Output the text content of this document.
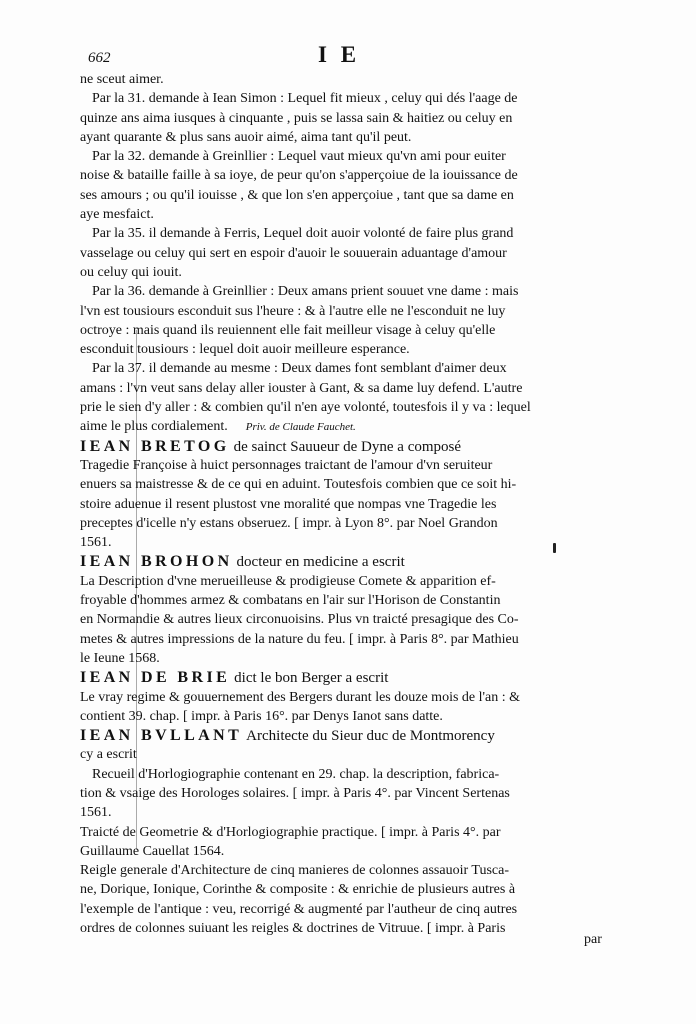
662	I E
ne sceut aimer.
Par la 31. demande à Iean Simon : Lequel fit mieux , celuy qui dés l'aage de
quinze ans aima iusques à cinquante , puis se lassa sain & haitiez ou celuy en
ayant quarante & plus sans auoir aimé, aima tant qu'il peut.
Par la 32. demande à Greinllier : Lequel vaut mieux qu'vn ami pour euiter
noise & bataille faille à sa ioye, de peur qu'on s'apperçoiue de la iouissance de
ses amours ; ou qu'il iouisse , & que lon s'en apperçoiue , tant que sa dame en
aye mesfaict.
Par la 35. il demande à Ferris, Lequel doit auoir volonté de faire plus grand
vasselage ou celuy qui sert en espoir d'auoir le souuerain aduantage d'amour
ou celuy qui iouit.
Par la 36. demande à Greinllier : Deux amans prient souuet vne dame : mais
l'vn est tousiours esconduit sus l'heure : & à l'autre elle ne l'esconduit ne luy
octroye : mais quand ils reuiennent elle fait meilleur visage à celuy qu'elle
esconduit tousiours : lequel doit auoir meilleure esperance.
Par la 37. il demande au mesme : Deux dames font semblant d'aimer deux
amans : l'vn veut sans delay aller iouster à Gant, & sa dame luy defend. L'autre
prie le sien d'y aller : & combien qu'il n'en aye volonté, toutesfois il y va : lequel
aime le plus cordialement. Priv. de Claude Fauchet.
IEAN BRETOG de sainct Sauueur de Dyne a composé
Tragedie Françoise à huict personnages traictant de l'amour d'vn seruiteur
enuers sa maistresse & de ce qui en aduint. Toutesfois combien que ce soit hi-
stoire aduenue il resent plustost vne moralité que nompas vne Tragedie les
preceptes d'icelle n'y estans obseruez. [ impr. à Lyon 8°. par Noel Grandon
1561.
IEAN BROHON docteur en medicine a escrit
La Description d'vne merueilleuse & prodigieuse Comete & apparition ef-
froyable d'hommes armez & combatans en l'air sur l'Horison de Constantin
en Normandie & autres lieux circonuoisins. Plus vn traicté presagique des Co-
metes & autres impressions de la nature du feu. [ impr. à Paris 8°. par Mathieu
le Ieune 1568.
IEAN DE BRIE dict le bon Berger a escrit
Le vray regime & gouuernement des Bergers durant les douze mois de l'an : &
contient 39. chap. [ impr. à Paris 16°. par Denys Ianot sans datte.
IEAN BVLLANT Architecte du Sieur duc de Montmorency
cy a escrit
Recueil d'Horlogiographie contenant en 29. chap. la description, fabrica-
tion & vsaige des Horologes solaires. [ impr. à Paris 4°. par Vincent Sertenas
1561.
Traicté de Geometrie & d'Horlogiographie practique. [ impr. à Paris 4°. par
Guillaume Cauellat 1564.
Reigle generale d'Architecture de cinq manieres de colonnes assauoir Tusca-
ne, Dorique, Ionique, Corinthe & composite : & enrichie de plusieurs autres à
l'exemple de l'antique : veu, recorrigé & augmenté par l'autheur de cinq autres
ordres de colonnes suiuant les reigles & doctrines de Vitruue. [ impr. à Paris
par
